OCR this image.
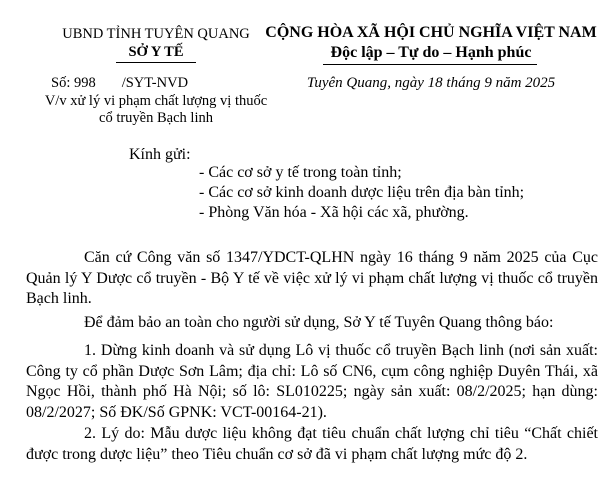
UBND TỈNH TUYÊN QUANG
SỞ Y TẾ
CỘNG HÒA XÃ HỘI CHỦ NGHĨA VIỆT NAM
Độc lập – Tự do – Hạnh phúc
Số: 998 /SYT-NVD
V/v xử lý vi phạm chất lượng vị thuốc cổ truyền Bạch linh
Tuyên Quang, ngày 18 tháng 9 năm 2025
Kính gửi:
- Các cơ sở y tế trong toàn tỉnh;
- Các cơ sở kinh doanh dược liệu trên địa bàn tỉnh;
- Phòng Văn hóa - Xã hội các xã, phường.
Căn cứ Công văn số 1347/YDCT-QLHN ngày 16 tháng 9 năm 2025 của Cục Quản lý Y Dược cổ truyền - Bộ Y tế về việc xử lý vi phạm chất lượng vị thuốc cổ truyền Bạch linh.
Để đảm bảo an toàn cho người sử dụng, Sở Y tế Tuyên Quang thông báo:
1. Dừng kinh doanh và sử dụng Lô vị thuốc cổ truyền Bạch linh (nơi sản xuất: Công ty cổ phần Dược Sơn Lâm; địa chỉ: Lô số CN6, cụm công nghiệp Duyên Thái, xã Ngọc Hồi, thành phố Hà Nội; số lô: SL010225; ngày sản xuất: 08/2/2025; hạn dùng: 08/2/2027; Số ĐK/Số GPNK: VCT-00164-21).
2. Lý do: Mẫu dược liệu không đạt tiêu chuẩn chất lượng chỉ tiêu “Chất chiết được trong dược liệu” theo Tiêu chuẩn cơ sở đã vi phạm chất lượng mức độ 2.
